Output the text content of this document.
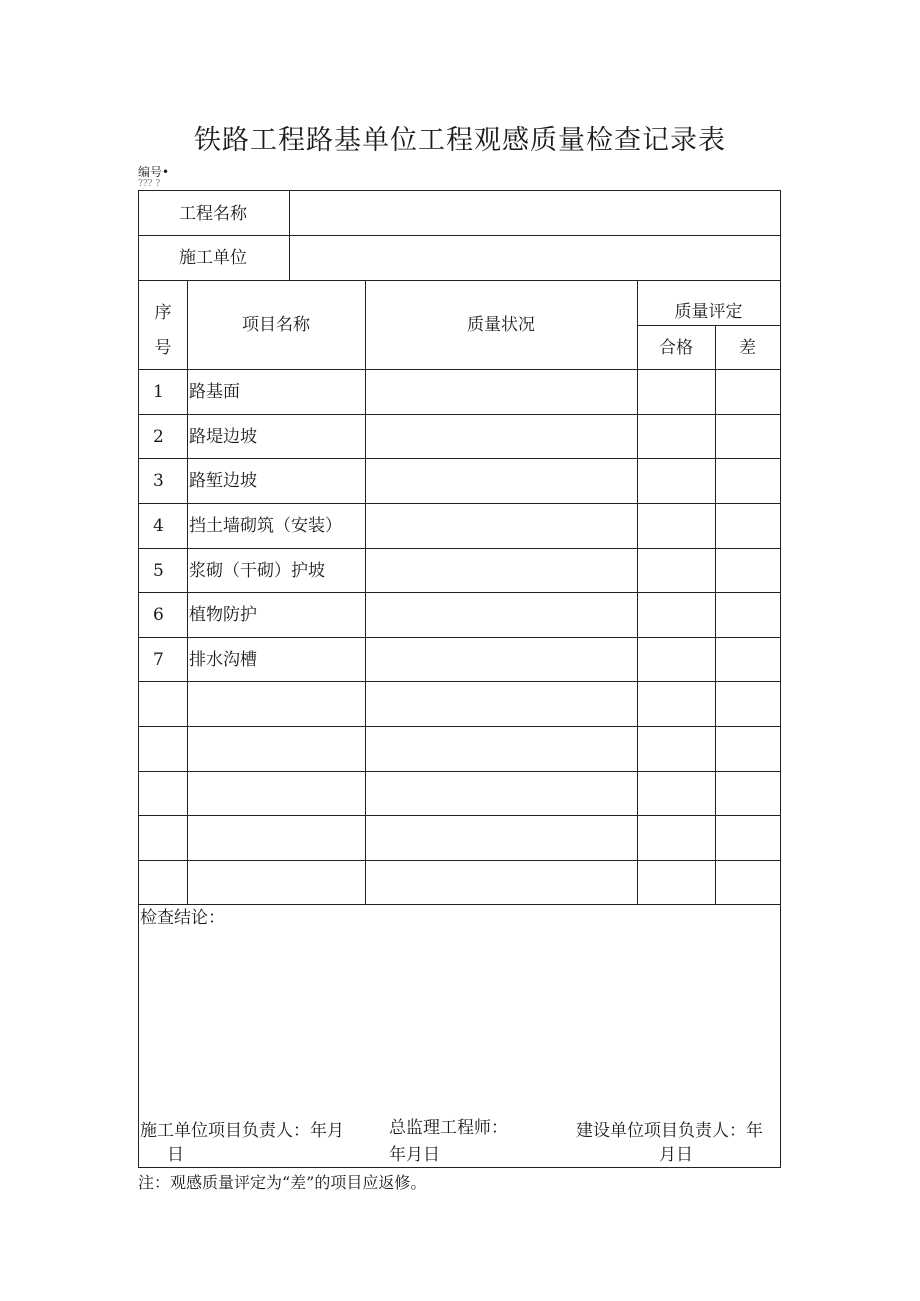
铁路工程路基单位工程观感质量检查记录表
编号•
??? ?
工程名称
施工单位
序
号
项目名称	质量状况
质量评定
合格	差
1 路基面
2 路堤边坡
3 路堑边坡
4 挡土墙砌筑（安装）
5 浆砌（干砌）护坡
6 植物防护
7 排水沟槽
检查结论：
施工单位项目负责人：年月
日
总监理工程师：
年月日
建设单位项目负责人：年
月日
注：观感质量评定为“差”的项目应返修。
